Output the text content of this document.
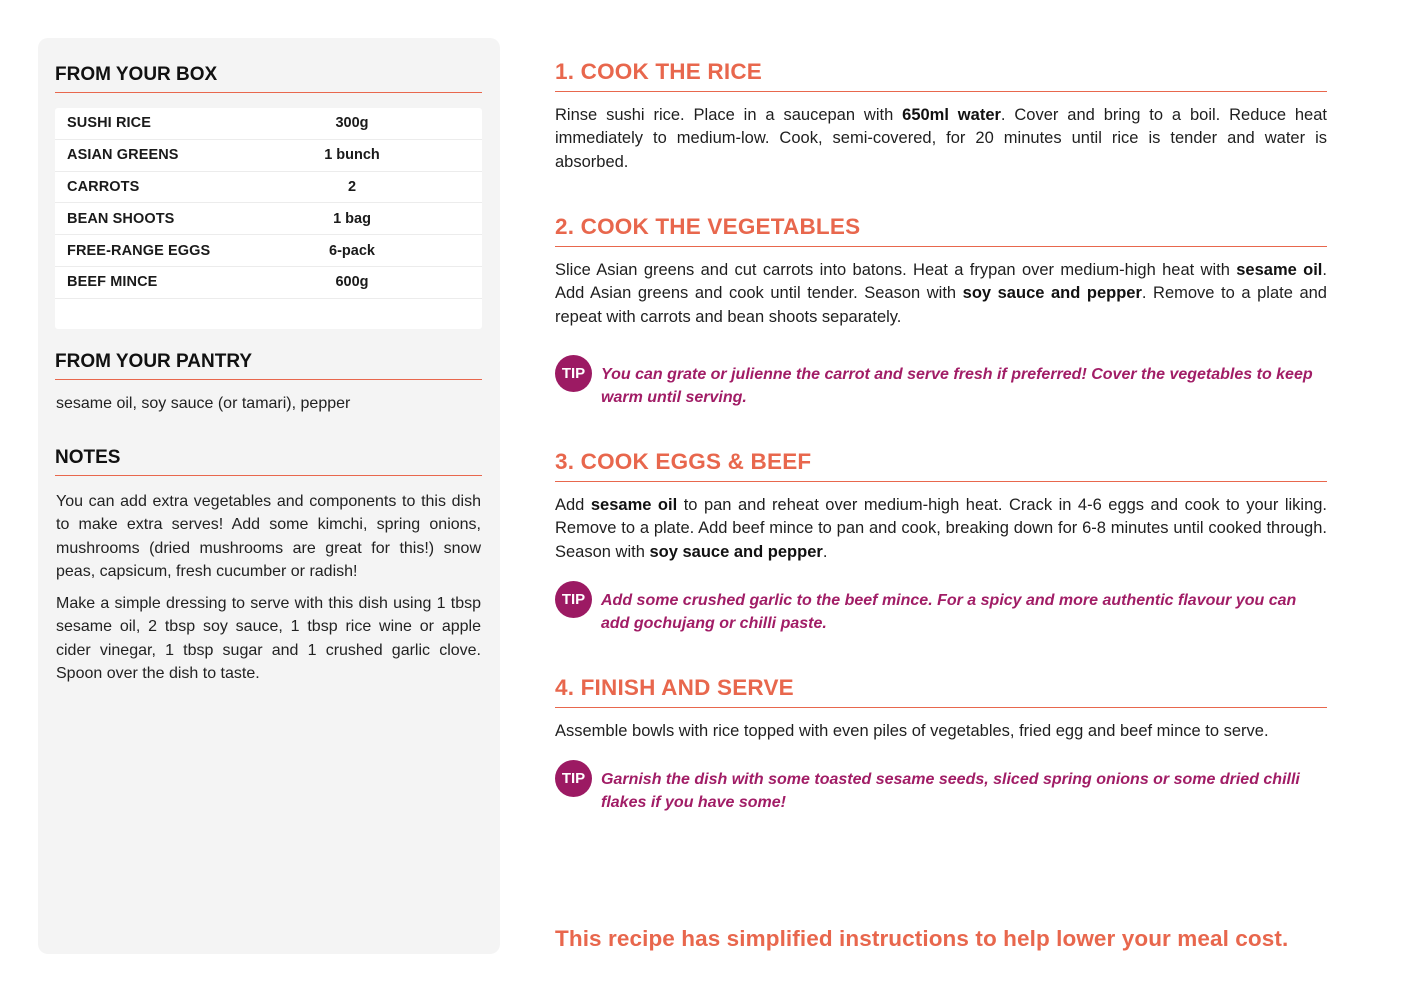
FROM YOUR BOX
SUSHI RICE	300g
ASIAN GREENS	1 bunch
CARROTS	2
BEAN SHOOTS	1 bag
FREE-RANGE EGGS	6-pack
BEEF MINCE	600g
FROM YOUR PANTRY
sesame oil, soy sauce (or tamari), pepper
NOTES

You can add extra vegetables and components to this dish to make extra serves! Add some kimchi, spring onions, mushrooms (dried mushrooms are great for this!) snow peas, capsicum, fresh cucumber or radish!

Make a simple dressing to serve with this dish using 1 tbsp sesame oil, 2 tbsp soy sauce, 1 tbsp rice wine or apple cider vinegar, 1 tbsp sugar and 1 crushed garlic clove. Spoon over the dish to taste.

1. COOK THE RICE
Rinse sushi rice. Place in a saucepan with 650ml water. Cover and bring to a boil. Reduce heat immediately to medium-low. Cook, semi-covered, for 20 minutes until rice is tender and water is absorbed.
2. COOK THE VEGETABLES
Slice Asian greens and cut carrots into batons. Heat a frypan over medium-high heat with sesame oil. Add Asian greens and cook until tender. Season with soy sauce and pepper. Remove to a plate and repeat with carrots and bean shoots separately.
TIP You can grate or julienne the carrot and serve fresh if preferred! Cover the vegetables to keep warm until serving.
3. COOK EGGS & BEEF
Add sesame oil to pan and reheat over medium-high heat. Crack in 4-6 eggs and cook to your liking. Remove to a plate. Add beef mince to pan and cook, breaking down for 6-8 minutes until cooked through. Season with soy sauce and pepper.
TIP Add some crushed garlic to the beef mince. For a spicy and more authentic flavour you can add gochujang or chilli paste.
4. FINISH AND SERVE
Assemble bowls with rice topped with even piles of vegetables, fried egg and beef mince to serve.
TIP Garnish the dish with some toasted sesame seeds, sliced spring onions or some dried chilli flakes if you have some!
This recipe has simplified instructions to help lower your meal cost.
